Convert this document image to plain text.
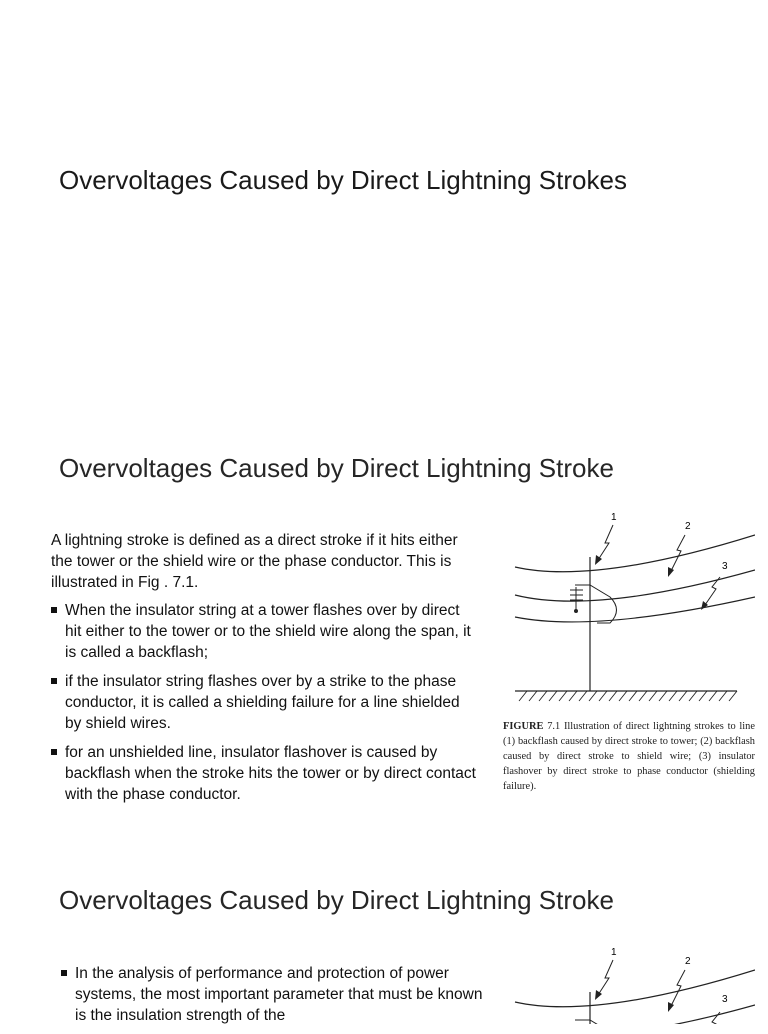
Overvoltages Caused by Direct Lightning Strokes
Overvoltages Caused by Direct Lightning Stroke

A lightning stroke is defined as a direct stroke if it hits either the tower or the shield wire or the phase conductor. This is illustrated in Fig . 7.1.

When the insulator string at a tower flashes over by direct hit either to the tower or to the shield wire along the span, it is called a backflash;
if the insulator string flashes over by a strike to the phase conductor, it is called a shielding failure for a line shielded by shield wires.
for an unshielded line, insulator flashover is caused by backflash when the stroke hits the tower or by direct contact with the phase conductor.
1
2
3
FIGURE 7.1 Illustration of direct lightning strokes to line (1) backflash caused by direct stroke to tower; (2) backflash caused by direct stroke to shield wire; (3) insulator flashover by direct stroke to phase conductor (shielding failure).
Overvoltages Caused by Direct Lightning Stroke
In the analysis of performance and protection of power systems, the most important parameter that must be known is the insulation strength of the
1
2
3
